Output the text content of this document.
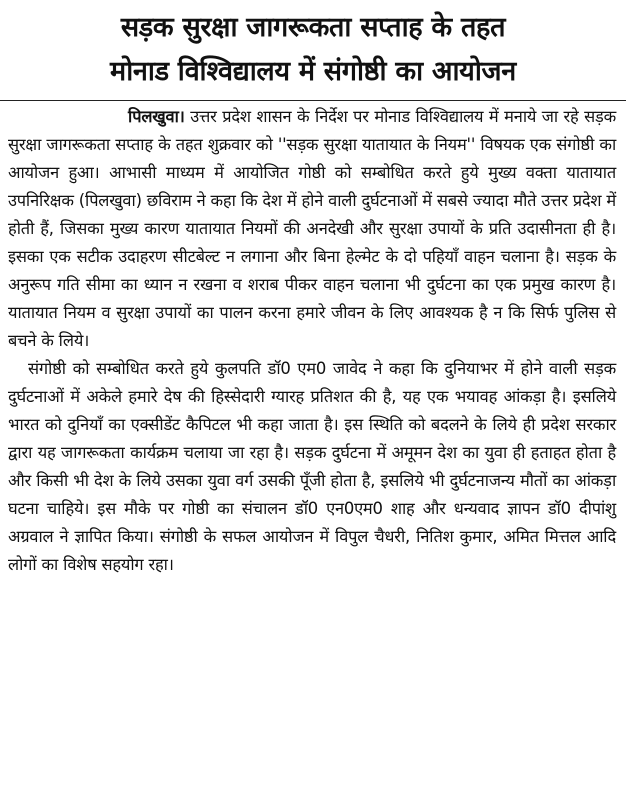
सड़क सुरक्षा जागरूकता सप्ताह के तहत

मोनाड विश्विद्यालय में संगोष्ठी का आयोजन

पिलखुवा। उत्तर प्रदेश शासन के निर्देश पर मोनाड विश्विद्यालय में मनाये जा रहे सड़क सुरक्षा जागरूकता सप्ताह के तहत शुक्रवार को ''सड़क सुरक्षा यातायात के नियम'' विषयक एक संगोष्ठी का आयोजन हुआ। आभासी माध्यम में आयोजित गोष्ठी को सम्बोधित करते हुये मुख्य वक्ता यातायात उपनिरिक्षक (पिलखुवा) छविराम ने कहा कि देश में होने वाली दुर्घटनाओं में सबसे ज्यादा मौते उत्तर प्रदेश में होती हैं, जिसका मुख्य कारण यातायात नियमों की अनदेखी और सुरक्षा उपायों के प्रति उदासीनता ही है। इसका एक सटीक उदाहरण सीटबेल्ट न लगाना और बिना हेल्मेट के दो पहियाँ वाहन चलाना है। सड़क के अनुरूप गति सीमा का ध्यान न रखना व शराब पीकर वाहन चलाना भी दुर्घटना का एक प्रमुख कारण है। यातायात नियम व सुरक्षा उपायों का पालन करना हमारे जीवन के लिए आवश्यक है न कि सिर्फ पुलिस से बचने के लिये।

संगोष्ठी को सम्बोधित करते हुये कुलपति डॉ0 एम0 जावेद ने कहा कि दुनियाभर में होने वाली सड़क दुर्घटनाओं में अकेले हमारे देष की हिस्सेदारी ग्यारह प्रतिशत की है, यह एक भयावह आंकड़ा है। इसलिये भारत को दुनियाँ का एक्सीडेंट कैपिटल भी कहा जाता है। इस स्थिति को बदलने के लिये ही प्रदेश सरकार द्वारा यह जागरूकता कार्यक्रम चलाया जा रहा है। सड़क दुर्घटना में अमूमन देश का युवा ही हताहत होता है और किसी भी देश के लिये उसका युवा वर्ग उसकी पूँजी होता है, इसलिये भी दुर्घटनाजन्य मौतों का आंकड़ा घटना चाहिये। इस मौके पर गोष्ठी का संचालन डॉ0 एन0एम0 शाह और धन्यवाद ज्ञापन डॉ0 दीपांशु अग्रवाल ने ज्ञापित किया। संगोष्ठी के सफल आयोजन में विपुल चैधरी, नितिश कुमार, अमित मित्तल आदि लोगों का विशेष सहयोग रहा।
